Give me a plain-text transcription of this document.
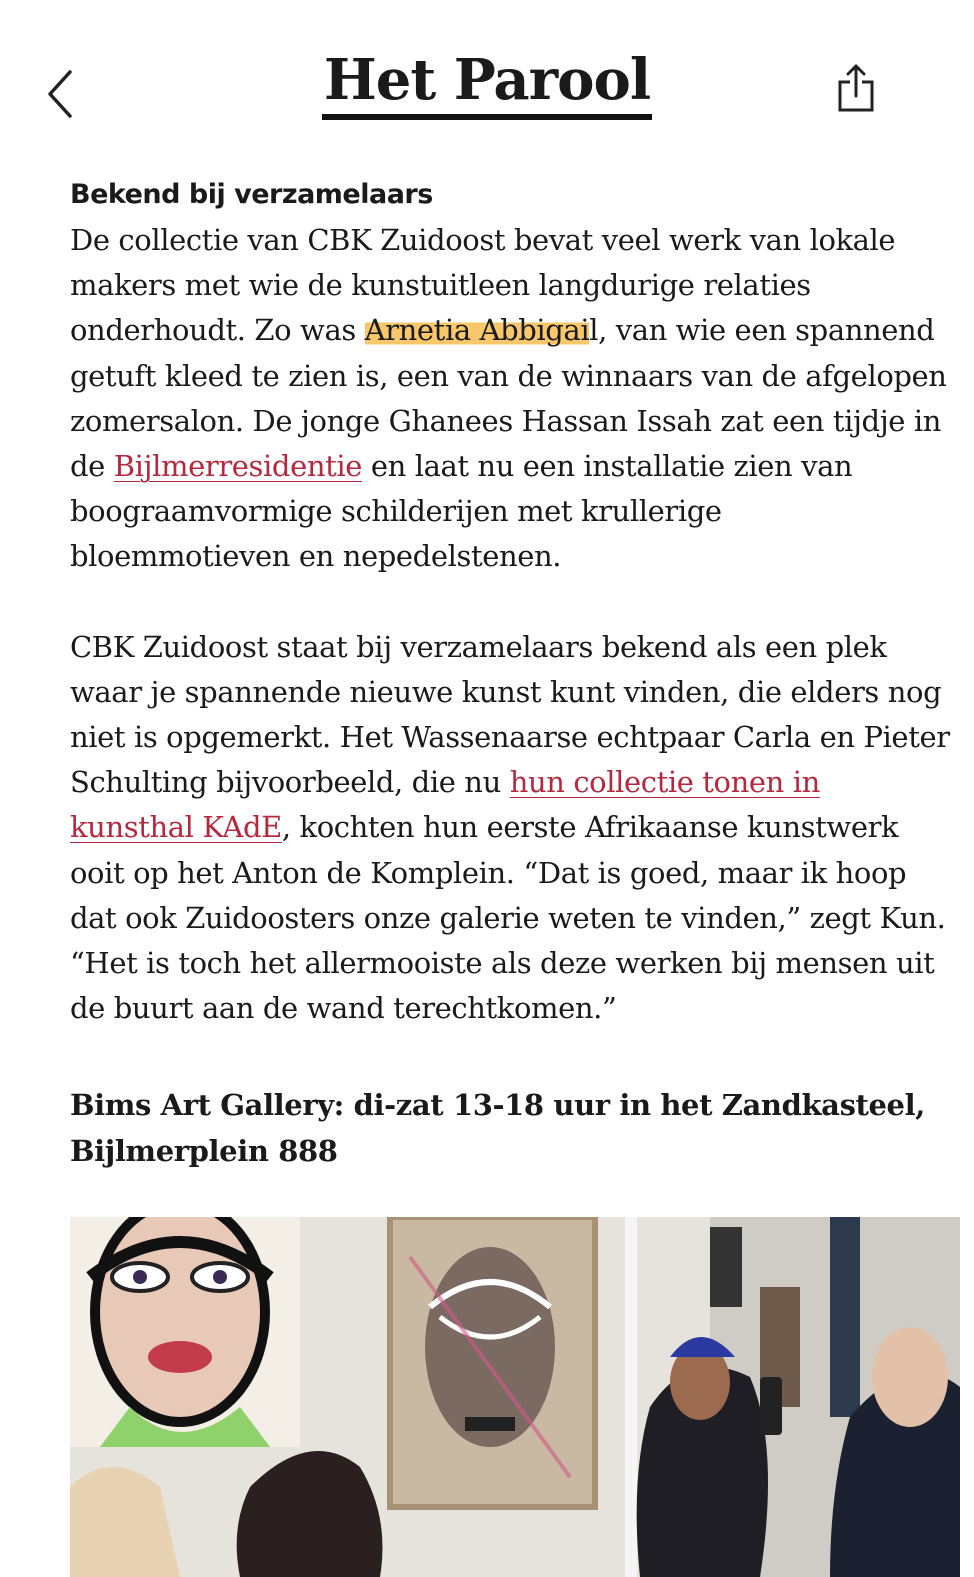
Het Parool
Bekend bij verzamelaars

De collectie van CBK Zuidoost bevat veel werk van lokale makers met wie de kunstuitleen langdurige relaties onderhoudt. Zo was Arnetia Abbigail, van wie een spannend getuft kleed te zien is, een van de winnaars van de afgelopen zomersalon. De jonge Ghanees Hassan Issah zat een tijdje in de Bijlmerresidentie en laat nu een installatie zien van boograamvormige schilderijen met krullerige bloemmotieven en nepedelstenen.

CBK Zuidoost staat bij verzamelaars bekend als een plek waar je spannende nieuwe kunst kunt vinden, die elders nog niet is opgemerkt. Het Wassenaarse echtpaar Carla en Pieter Schulting bijvoorbeeld, die nu hun collectie tonen in kunsthal KAdE, kochten hun eerste Afrikaanse kunstwerk ooit op het Anton de Komplein. “Dat is goed, maar ik hoop dat ook Zuidoosters onze galerie weten te vinden,” zegt Kun. “Het is toch het allermooiste als deze werken bij mensen uit de buurt aan de wand terechtkomen.”

Bims Art Gallery: di-zat 13-18 uur in het Zandkasteel, Bijlmerplein 888
